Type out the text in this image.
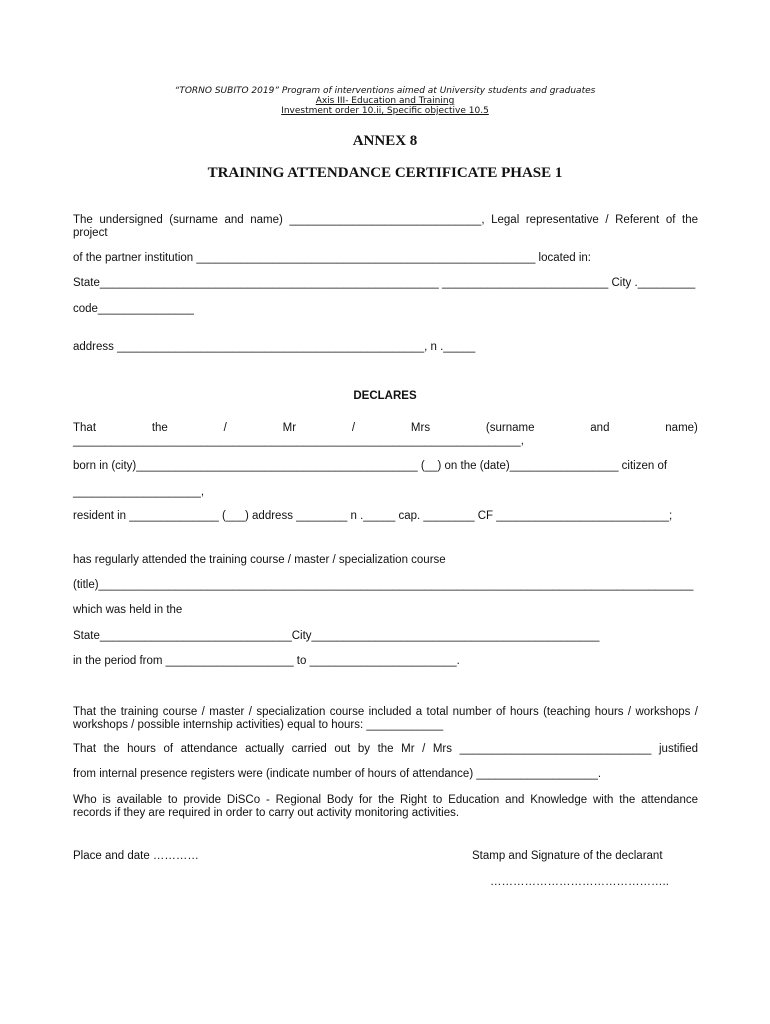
“TORNO SUBITO 2019” Program of interventions aimed at University students and graduates
Axis III- Education and Training
Investment order 10.ii, Specific objective 10.5
ANNEX 8
TRAINING ATTENDANCE CERTIFICATE PHASE 1
The undersigned (surname and name) ______________________________, Legal representative / Referent of the
project
of the partner institution _____________________________________________________ located in:
State_____________________________________________________ __________________________ City ._________
code_______________
address ________________________________________________, n ._____
DECLARES
That	the	/	Mr	/	Mrs	(surname	and	name)
______________________________________________________________________,
born in (city)____________________________________________ (__) on the (date)_________________ citizen of
____________________,
resident in ______________ (___) address ________ n ._____ cap. ________ CF ___________________________;
has regularly attended the training course / master / specialization course
(title)_____________________________________________________________________________________________
which was held in the
State______________________________City_____________________________________________
in the period from ____________________ to _______________________.
That the training course / master / specialization course included a total number of hours (teaching hours / workshops /
workshops / possible internship activities) equal to hours: ____________
That the hours of attendance actually carried out by the Mr / Mrs ______________________________ justified
from internal presence registers were (indicate number of hours of attendance) ___________________.
Who is available to provide DiSCo - Regional Body for the Right to Education and Knowledge with the attendance
records if they are required in order to carry out activity monitoring activities.
Place and date …………	Stamp and Signature of the declarant
………………………………………..
